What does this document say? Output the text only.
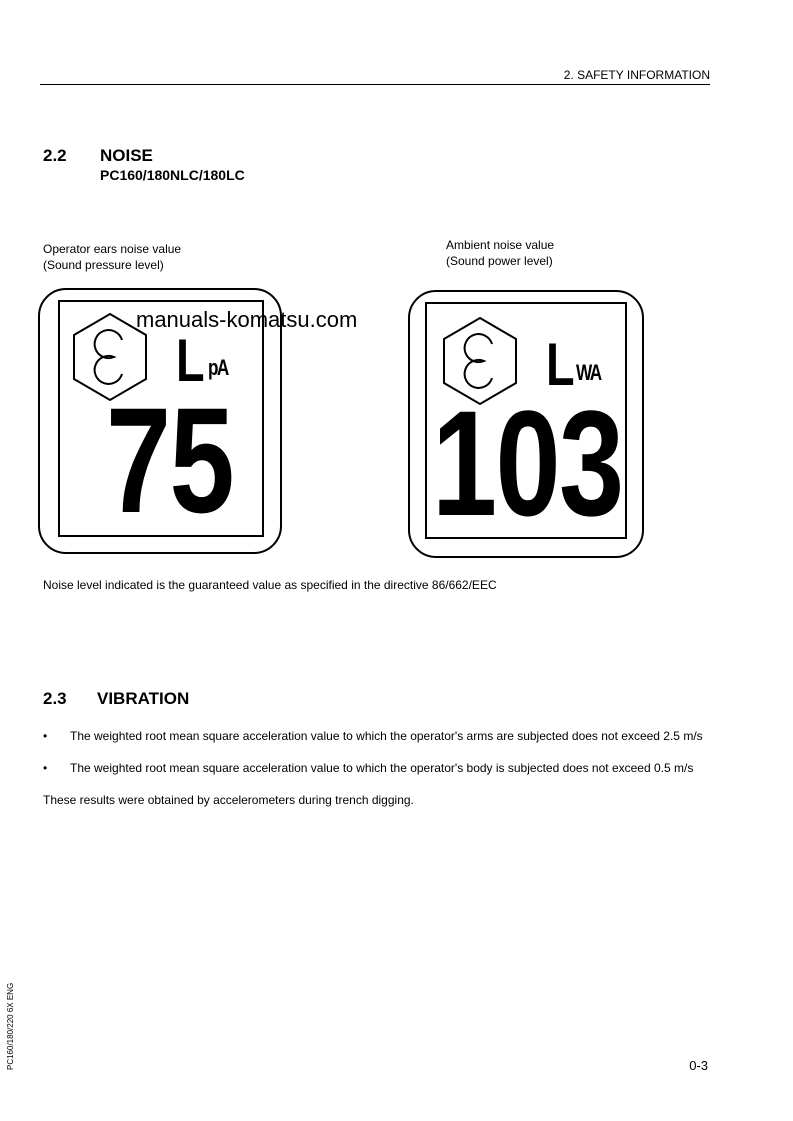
2. SAFETY INFORMATION
2.2 NOISE
PC160/180NLC/180LC
Operator ears noise value
(Sound pressure level)
Ambient noise value
(Sound power level)
L pA
75
L WA
103
manuals-komatsu.com
Noise level indicated is the guaranteed value as specified in the directive 86/662/EEC
2.3 VIBRATION
• The weighted root mean square acceleration value to which the operator's arms are subjected does not exceed 2.5 m/s
• The weighted root mean square acceleration value to which the operator's body is subjected does not exceed 0.5 m/s
These results were obtained by accelerometers during trench digging.
PC160/180/220 6X ENG	0-3
